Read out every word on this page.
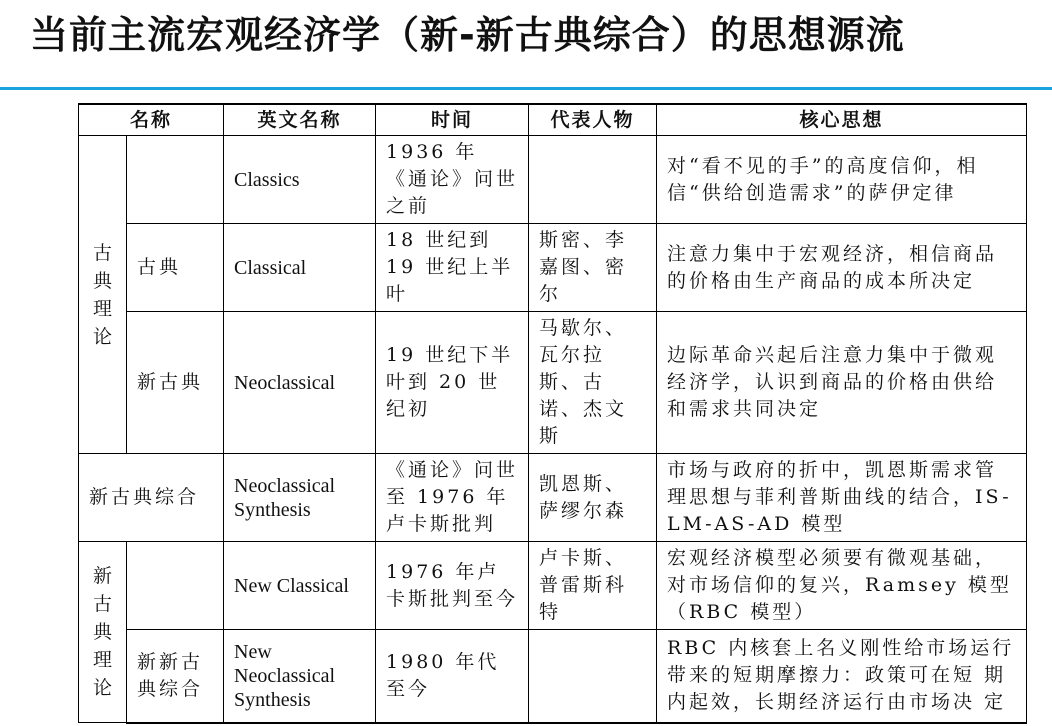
当前主流宏观经济学（新-新古典综合）的思想源流
名称		英文名称	时间	代表人物	核心思想

古典理论		Classics	1936 年《通论》问世之前		对“看不见的手”的高度信仰，相信“供给创造需求”的萨伊定律
	古典	Classical	18 世纪到 19 世纪上半叶	斯密、李嘉图、密尔	注意力集中于宏观经济，相信商品 的价格由生产商品的成本所决定
	新古典	Neoclassical	19 世纪下半叶到 20 世纪初	马歇尔、瓦尔拉斯、古诺、杰文斯	边际革命兴起后注意力集中于微观经济学，认识到商品的价格由供给和需求共同决定
新古典综合		Neoclassical Synthesis	《通论》问世至 1976 年卢卡斯批判	凯恩斯、萨缪尔森	市场与政府的折中，凯恩斯需求管理思想与菲利普斯曲线的结合，IS-LM-AS-AD 模型

新古典理论		New Classical	1976 年卢卡斯批判至今	卢卡斯、普雷斯科特	宏观经济模型必须要有微观基础，对市场信仰的复兴，Ramsey 模型（RBC 模型）
	新新古典综合	New Neoclassical Synthesis	1980 年代至今		RBC 内核套上名义刚性给市场运行带来的短期摩擦力：政策可在短 期内起效，长期经济运行由市场决 定
